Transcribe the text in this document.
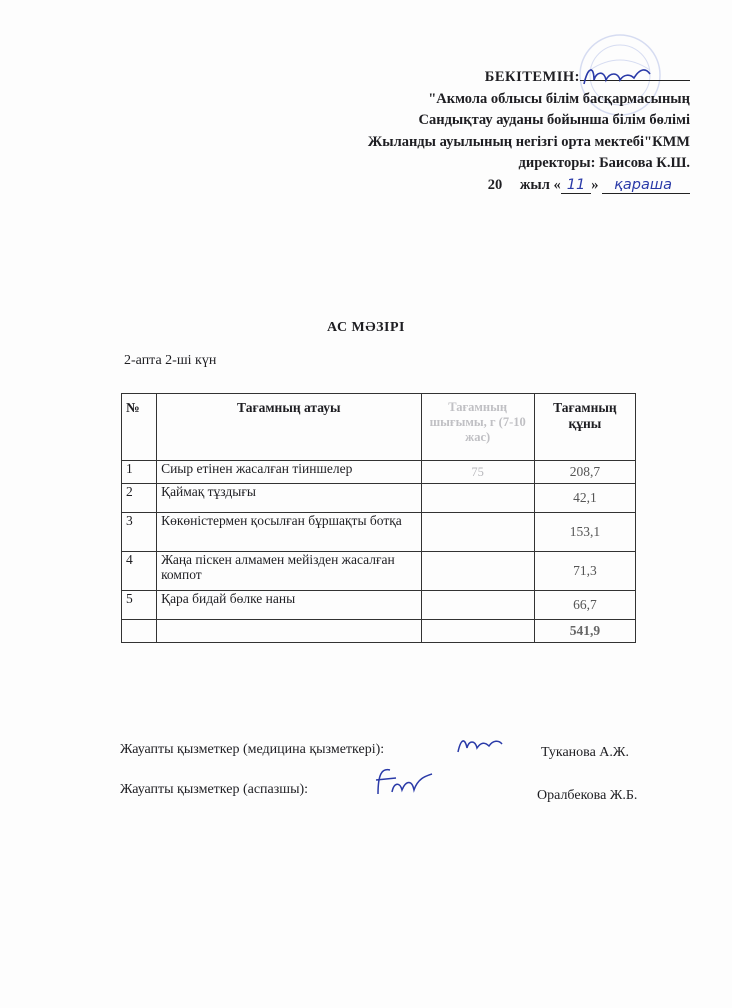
БЕКІТЕМІН:
"Акмола облысы білім басқармасының
Сандықтау ауданы бойынша білім бөлімі
Жыланды ауылының негізгі орта мектебі"КММ
директоры: Баисова К.Ш.
20 жыл « 11 » қараша
АС МӘЗІРІ
2-апта 2-ші күн
№	Тағамның атауы	Тағамның шығымы, г (7-10 жас)	Тағамның құны
1	Сиыр етінен жасалған тіиншелер	75	208,7
2	Қаймақ тұздығы		42,1
3	Көкөністермен қосылған бұршақты ботқа		153,1
4	Жаңа піскен алмамен мейізден жасалған компот		71,3
5	Қара бидай бөлке наны		66,7
			541,9
Жауапты қызметкер (медицина қызметкері):	Туканова А.Ж.
Жауапты қызметкер (аспазшы):	Оралбекова Ж.Б.
